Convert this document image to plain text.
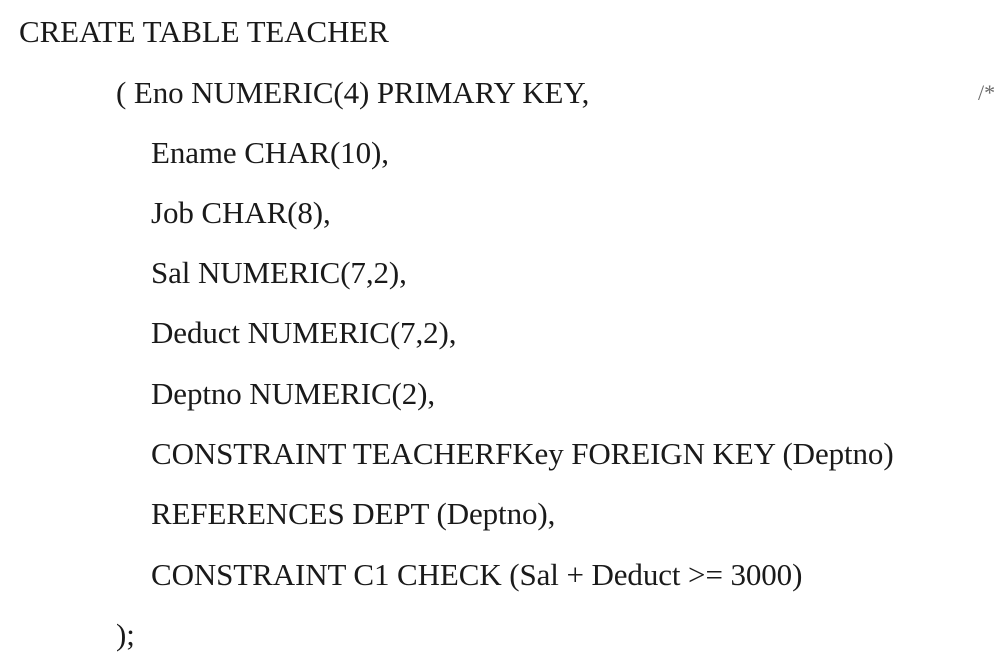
CREATE TABLE TEACHER
( Eno NUMERIC(4) PRIMARY KEY,
Ename CHAR(10),
Job CHAR(8),
Sal NUMERIC(7,2),
Deduct NUMERIC(7,2),
Deptno NUMERIC(2),
CONSTRAINT TEACHERFKey FOREIGN KEY (Deptno)
REFERENCES DEPT (Deptno),
CONSTRAINT C1 CHECK (Sal + Deduct >= 3000)
);
/*
